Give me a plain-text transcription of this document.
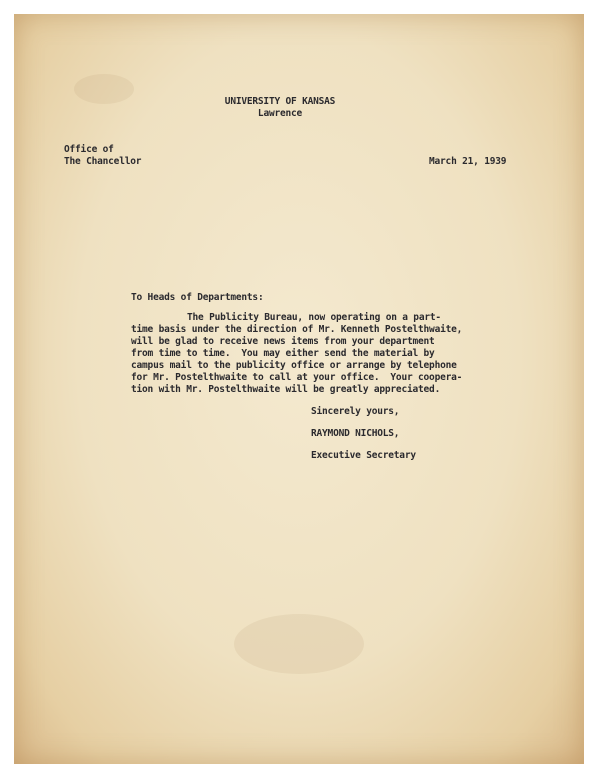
UNIVERSITY OF KANSAS
Lawrence
Office of
The Chancellor	March 21, 1939
To Heads of Departments:
The Publicity Bureau, now operating on a part-
time basis under the direction of Mr. Kenneth Postelthwaite,
will be glad to receive news items from your department
from time to time.  You may either send the material by
campus mail to the publicity office or arrange by telephone
for Mr. Postelthwaite to call at your office.  Your coopera-
tion with Mr. Postelthwaite will be greatly appreciated.
Sincerely yours,
RAYMOND NICHOLS,
Executive Secretary
